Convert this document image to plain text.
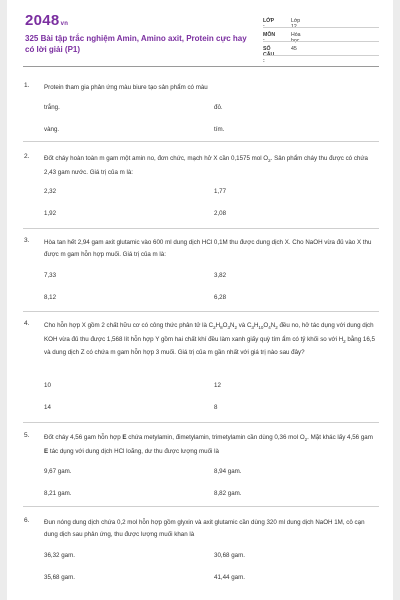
2048vn
325 Bài tập trắc nghiệm Amin, Amino axit, Protein cực hay có lời giải (P1)
LỚP :
Lớp 12
MÔN :
Hóa học
SỐ CÂU :
45
1. Protein tham gia phản ứng màu biure tạo sản phẩm có màu
trắng.	đỏ.
vàng.	tím.
2. Đốt cháy hoàn toàn m gam một amin no, đơn chức, mạch hở X cần 0,1575 mol $O_2$. Sản phẩm cháy thu được có chứa 2,43 gam nước. Giá trị của m là:
2,32	1,77
1,92	2,08
3. Hòa tan hết 2,94 gam axit glutamic vào 600 ml dung dịch HCl 0,1M thu được dung dịch X. Cho NaOH vừa đủ vào X thu được m gam hỗn hợp muối. Giá trị của m là:
7,33	3,82
8,12	6,28
4. Cho hỗn hợp X gồm 2 chất hữu cơ có công thức phân tử là $C_2H_8O_3N_2$ và $C_3H_{10}O_4N_2$ đều no, hở tác dụng với dung dịch KOH vừa đủ thu được 1,568 lít hỗn hợp Y gồm hai chất khí đều làm xanh giấy quỳ tím ẩm có tỷ khối so với $H_2$ bằng 16,5 và dung dịch Z có chứa m gam hỗn hợp 3 muối. Giá trị của m gần nhất với giá trị nào sau đây?
10	12
14	8
5. Đốt cháy 4,56 gam hỗn hợp E chứa metylamin, đimetylamin, trimetylamin cần dùng 0,36 mol $O_2$. Mặt khác lấy 4,56 gam E tác dụng với dung dịch HCl loãng, dư thu được lượng muối là
9,67 gam.	8,94 gam.
8,21 gam.	8,82 gam.
6. Đun nóng dung dịch chứa 0,2 mol hỗn hợp gồm glyxin và axit glutamic cần dùng 320 ml dung dịch NaOH 1M, cô cạn dung dịch sau phản ứng, thu được lượng muối khan là
36,32 gam.	30,68 gam.
35,68 gam.	41,44 gam.
